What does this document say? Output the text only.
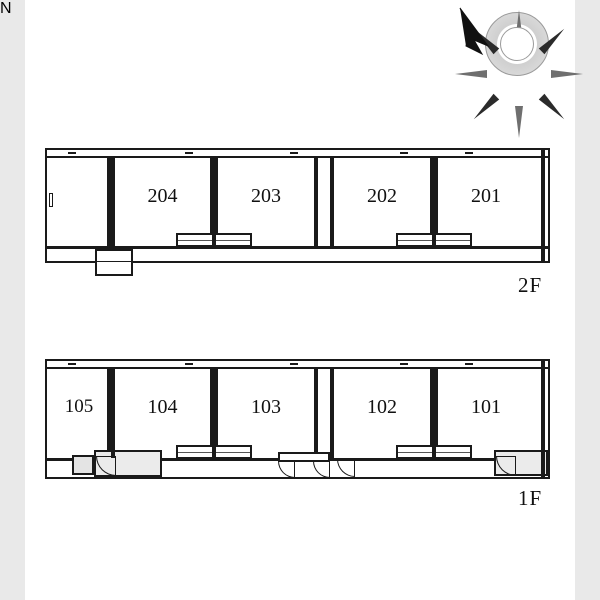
N
204	203	202	201
2F
105	104	103	102	101
1F
